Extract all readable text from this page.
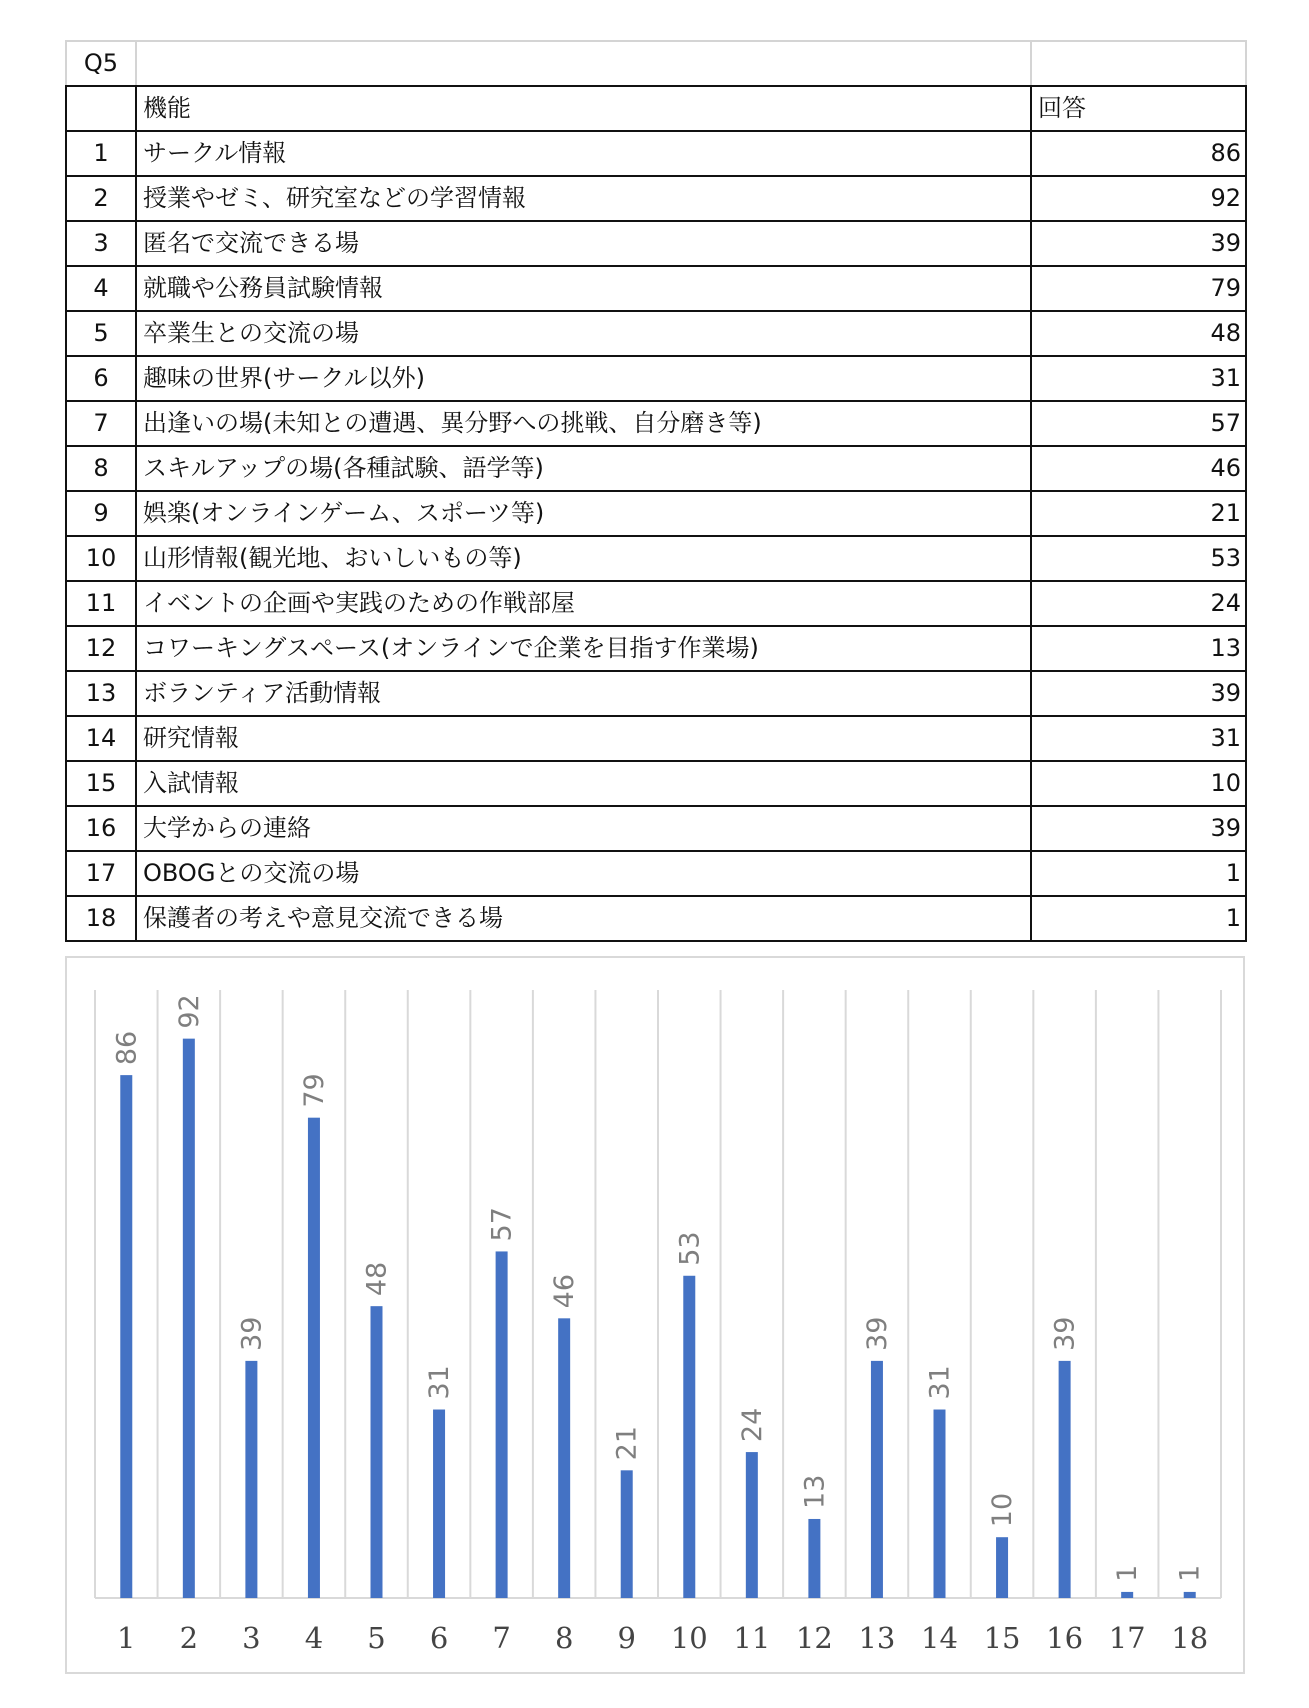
Q5		
	機能	回答
1	サークル情報	86
2	授業やゼミ、研究室などの学習情報	92
3	匿名で交流できる場	39
4	就職や公務員試験情報	79
5	卒業生との交流の場	48
6	趣味の世界(サークル以外)	31
7	出逢いの場(未知との遭遇、異分野への挑戦、自分磨き等)	57
8	スキルアップの場(各種試験、語学等)	46
9	娯楽(オンラインゲーム、スポーツ等)	21
10	山形情報(観光地、おいしいもの等)	53
11	イベントの企画や実践のための作戦部屋	24
12	コワーキングスペース(オンラインで企業を目指す作業場)	13
13	ボランティア活動情報	39
14	研究情報	31
15	入試情報	10
16	大学からの連絡	39
17	OBOGとの交流の場	1
18	保護者の考えや意見交流できる場	1
86
1
92
2
39
3
79
4
48
5
31
6
57
7
46
8
21
9
53
10
24
11
13
12
39
13
31
14
10
15
39
16
1
17
1
18
